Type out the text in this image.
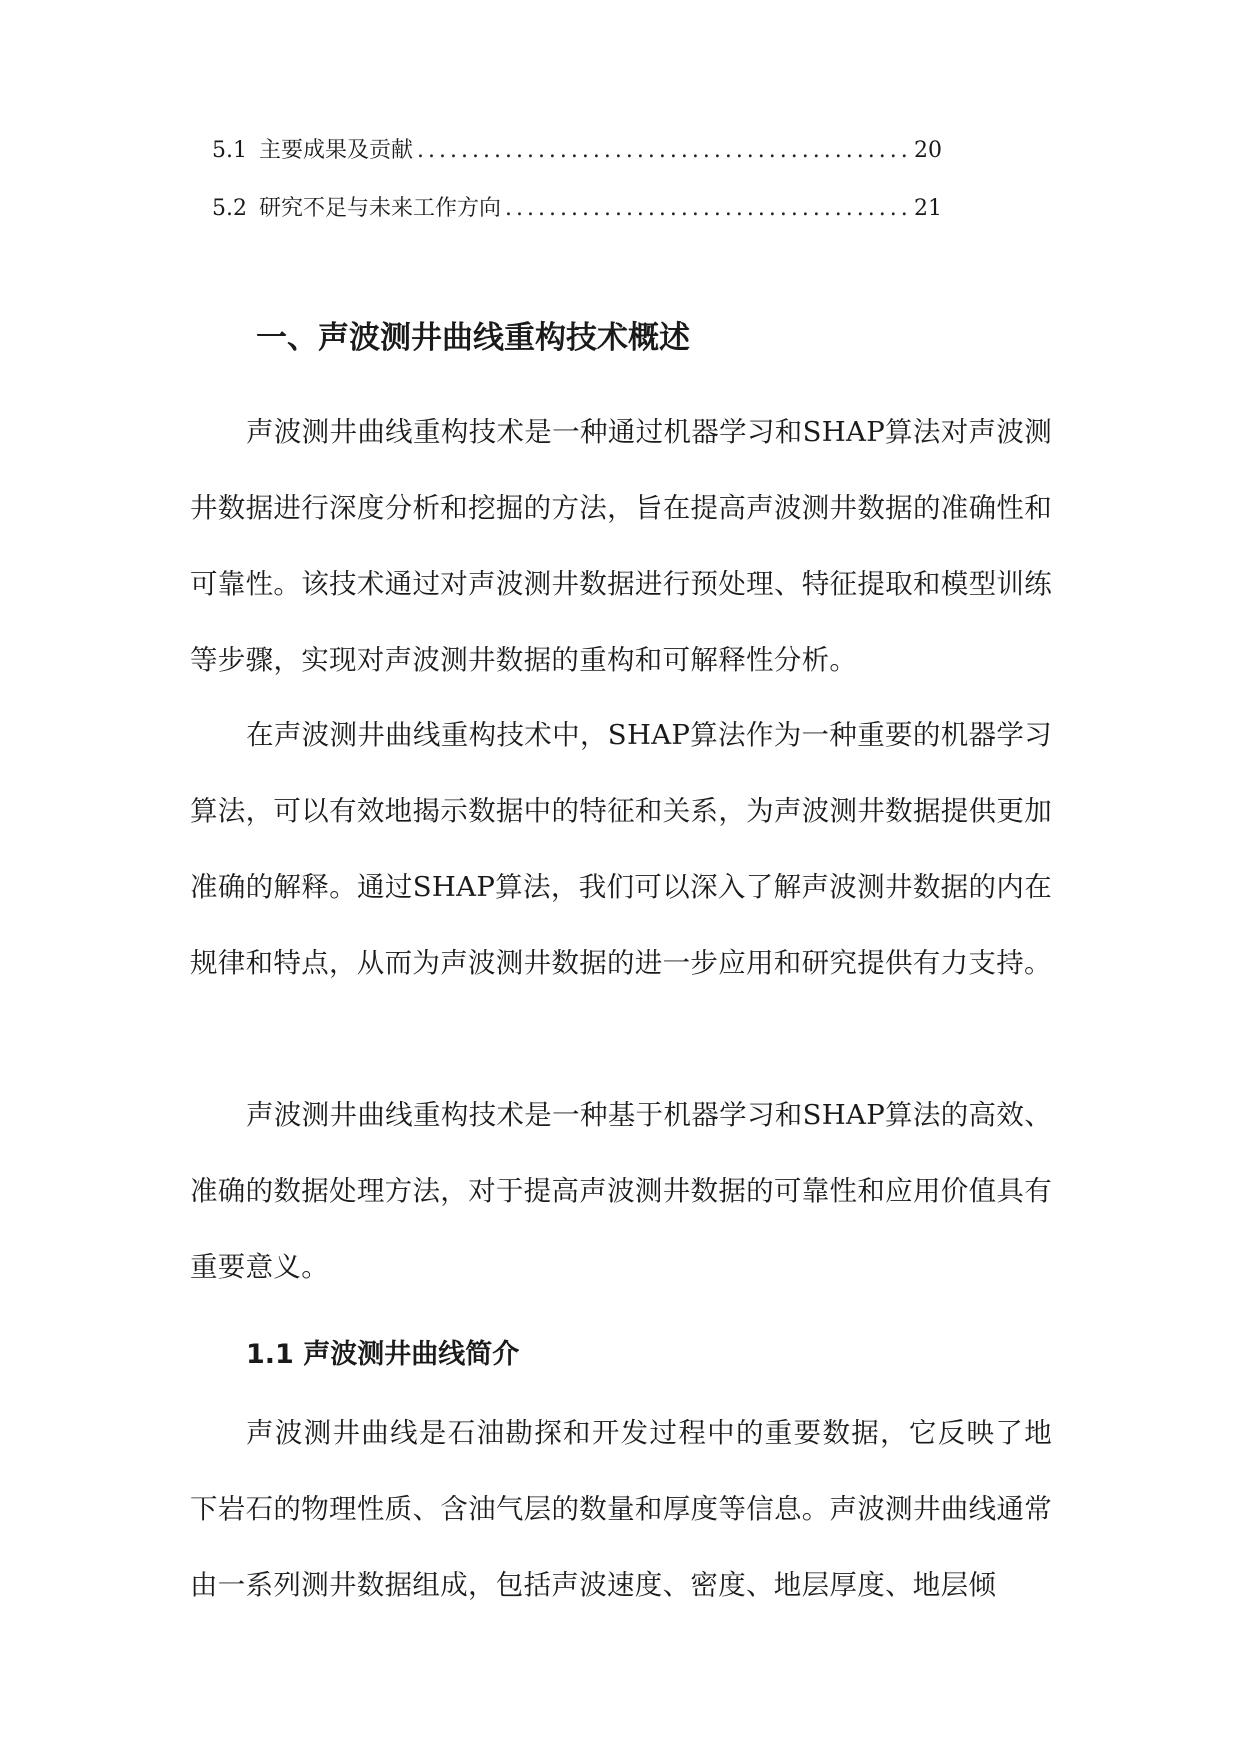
5.1 主要成果及贡献 .....	20
5.2 研究不足与未来工作方向 .....	21
一、声波测井曲线重构技术概述

声波测井曲线重构技术是一种通过机器学习和SHAP算法对声波测井数据进行深度分析和挖掘的方法，旨在提高声波测井数据的准确性和可靠性。该技术通过对声波测井数据进行预处理、特征提取和模型训练等步骤，实现对声波测井数据的重构和可解释性分析。

在声波测井曲线重构技术中，SHAP算法作为一种重要的机器学习算法，可以有效地揭示数据中的特征和关系，为声波测井数据提供更加准确的解释。通过SHAP算法，我们可以深入了解声波测井数据的内在规律和特点，从而为声波测井数据的进一步应用和研究提供有力支持。

声波测井曲线重构技术是一种基于机器学习和SHAP算法的高效、准确的数据处理方法，对于提高声波测井数据的可靠性和应用价值具有重要意义。

1.1 声波测井曲线简介

声波测井曲线是石油勘探和开发过程中的重要数据，它反映了地下岩石的物理性质、含油气层的数量和厚度等信息。声波测井曲线通常由一系列测井数据组成，包括声波速度、密度、地层厚度、地层倾
